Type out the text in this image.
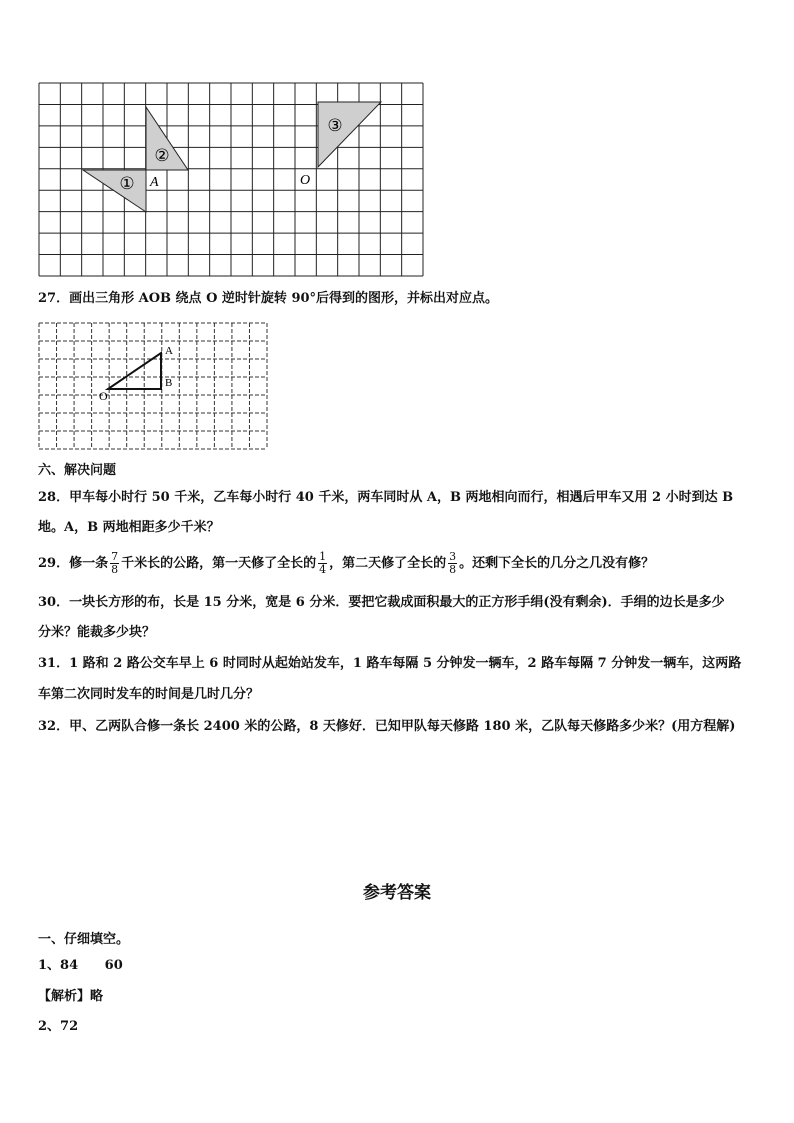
①
②
③
A	O
27．画出三角形 AOB 绕点 O 逆时针旋转 90°后得到的图形，并标出对应点。
A
B
O
六、解决问题
28．甲车每小时行 50 千米，乙车每小时行 40 千米，两车同时从 A，B 两地相向而行，相遇后甲车又用 2 小时到达 B
地。A，B 两地相距多少千米？
29．修一条 $\frac{7}{8}$ 千米长的公路，第一天修了全长的 $\frac{1}{4}$ ，第二天修了全长的 $\frac{3}{8}$ 。还剩下全长的几分之几没有修？
30．一块长方形的布，长是 15 分米，宽是 6 分米．要把它裁成面积最大的正方形手绢(没有剩余)．手绢的边长是多少
分米？能裁多少块？
31．1 路和 2 路公交车早上 6 时同时从起始站发车，1 路车每隔 5 分钟发一辆车，2 路车每隔 7 分钟发一辆车，这两路
车第二次同时发车的时间是几时几分？
32．甲、乙两队合修一条长 2400 米的公路，8 天修好．已知甲队每天修路 180 米，乙队每天修路多少米？(用方程解)
参考答案
一、仔细填空。
1、84 60
【解析】略
2、72
